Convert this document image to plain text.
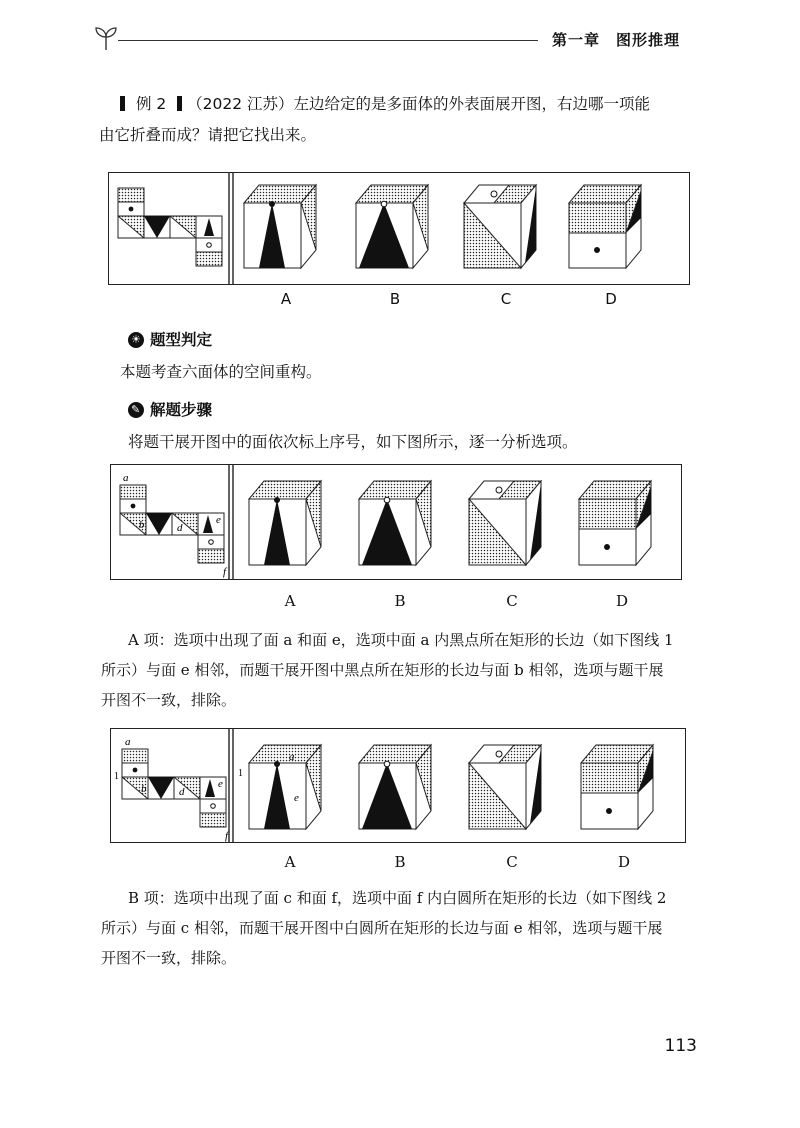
第一章　图形推理
例 2 （2022 江苏）左边给定的是多面体的外表面展开图，右边哪一项能
由它折叠而成？请把它找出来。
A	B	C	D
☀ 题型判定
本题考查六面体的空间重构。
✎ 解题步骤
将题干展开图中的面依次标上序号，如下图所示，逐一分析选项。
a
b	d
e
f
A	B	C	D
A 项：选项中出现了面 a 和面 e，选项中面 a 内黑点所在矩形的长边（如下图线 1
所示）与面 e 相邻，而题干展开图中黑点所在矩形的长边与面 b 相邻，选项与题干展
开图不一致，排除。
a
b	d
e
f
1
a
e
1
A	B	C	D
B 项：选项中出现了面 c 和面 f，选项中面 f 内白圆所在矩形的长边（如下图线 2
所示）与面 c 相邻，而题干展开图中白圆所在矩形的长边与面 e 相邻，选项与题干展
开图不一致，排除。
113
